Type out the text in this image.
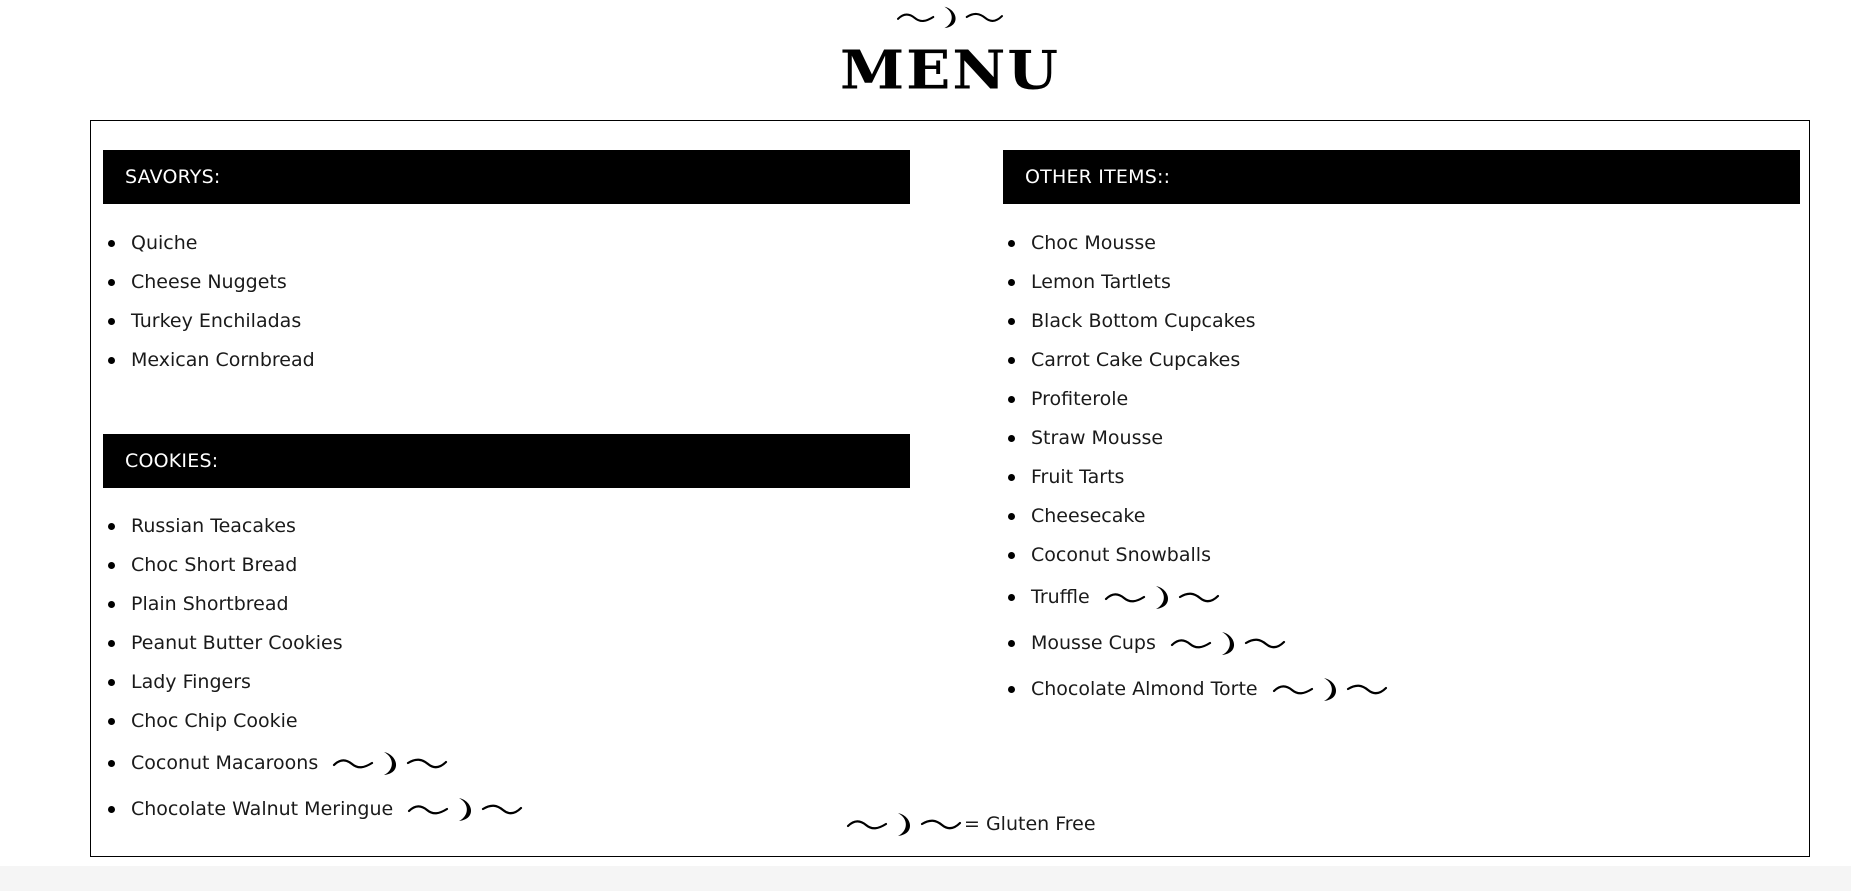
MENU
SAVORYS:
Quiche
Cheese Nuggets
Turkey Enchiladas
Mexican Cornbread
COOKIES:
Russian Teacakes
Choc Short Bread
Plain Shortbread
Peanut Butter Cookies
Lady Fingers
Choc Chip Cookie
Coconut Macaroons
Chocolate Walnut Meringue
OTHER ITEMS::
Choc Mousse
Lemon Tartlets
Black Bottom Cupcakes
Carrot Cake Cupcakes
Profiterole
Straw Mousse
Fruit Tarts
Cheesecake
Coconut Snowballs
Truffle
Mousse Cups
Chocolate Almond Torte
= Gluten Free
